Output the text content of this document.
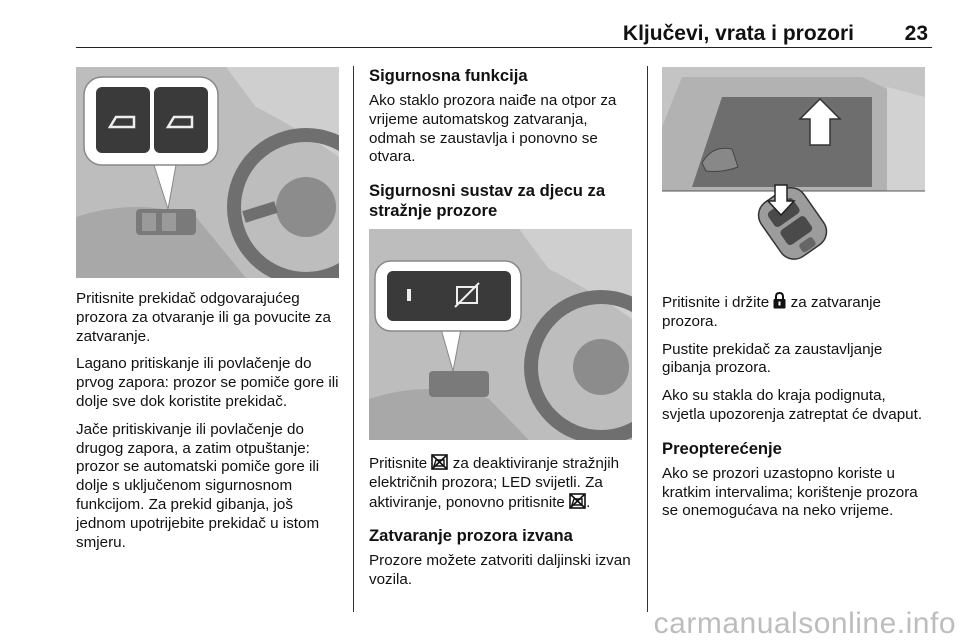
Ključevi, vrata i prozori 23

Pritisnite prekidač odgovarajućeg prozora za otvaranje ili ga povucite za zatvaranje.

Lagano pritiskanje ili povlačenje do prvog zapora: prozor se pomiče gore ili dolje sve dok koristite prekidač.

Jače pritiskivanje ili povlačenje do drugog zapora, a zatim otpuštanje: prozor se automatski pomiče gore ili dolje s uključenom sigurnosnom funkcijom. Za prekid gibanja, još jednom upotrijebite prekidač u istom smjeru.

Sigurnosna funkcija

Ako staklo prozora naiđe na otpor za vrijeme automatskog zatvaranja, odmah se zaustavlja i ponovno se otvara.

Sigurnosni sustav za djecu za stražnje prozore

Pritisnite za deaktiviranje stražnjih električnih prozora; LED svijetli. Za aktiviranje, ponovno pritisnite .

Zatvaranje prozora izvana

Prozore možete zatvoriti daljinski izvan vozila.

Pritisnite i držite za zatvaranje prozora.

Pustite prekidač za zaustavljanje gibanja prozora.

Ako su stakla do kraja podignuta, svjetla upozorenja zatreptat će dvaput.

Preopterećenje

Ako se prozori uzastopno koriste u kratkim intervalima; korištenje prozora se onemogućava na neko vrijeme.

carmanualsonline.info
